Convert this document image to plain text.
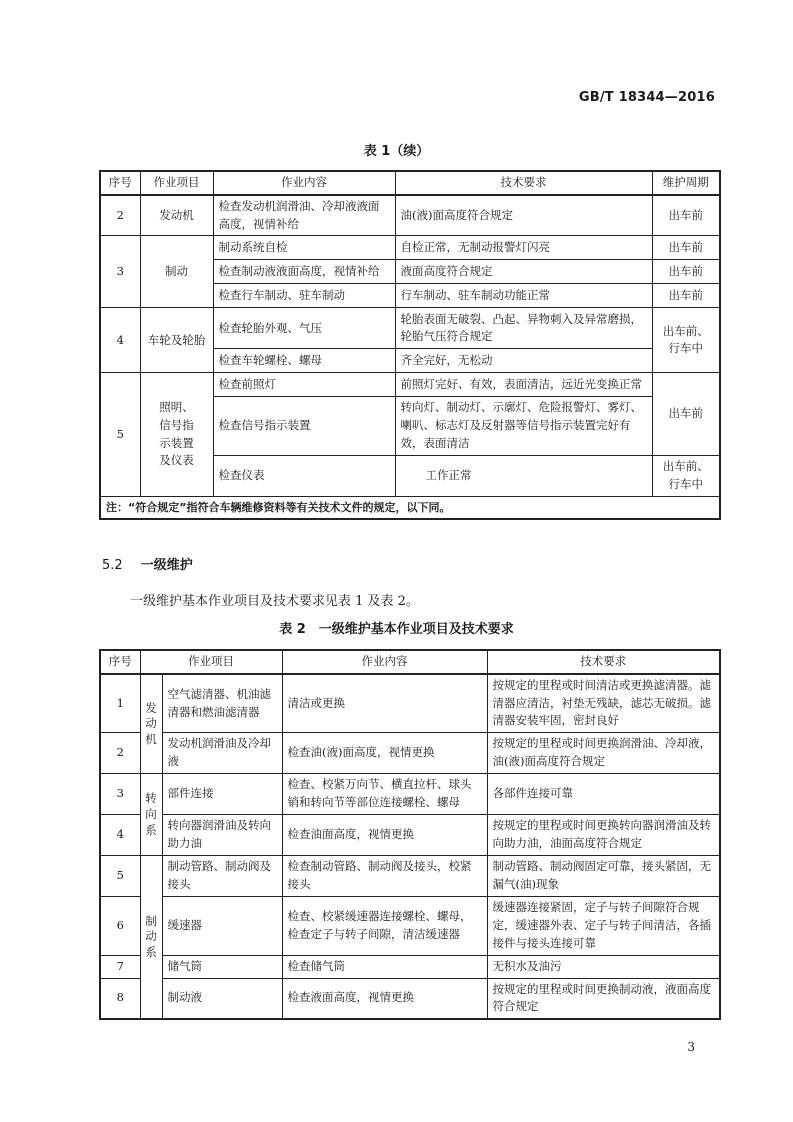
GB/T 18344—2016
表 1（续）
序号	作业项目	作业内容	技术要求	维护周期
2	发动机	检查发动机润滑油、冷却液液面高度，视情补给	油(液)面高度符合规定	出车前
3	制动	制动系统自检	自检正常，无制动报警灯闪亮	出车前
		检查制动液液面高度，视情补给	液面高度符合规定	出车前
		检查行车制动、驻车制动	行车制动、驻车制动功能正常	出车前
4	车轮及轮胎	检查轮胎外观、气压	轮胎表面无破裂、凸起、异物刺入及异常磨损，轮胎气压符合规定	出车前、行车中
		检查车轮螺栓、螺母	齐全完好，无松动	
5	照明、信号指示装置及仪表	检查前照灯	前照灯完好、有效，表面清洁，远近光变换正常	出车前
		检查信号指示装置	转向灯、制动灯、示廓灯、危险报警灯、雾灯、喇叭、标志灯及反射器等信号指示装置完好有效，表面清洁	
		检查仪表	工作正常	出车前、行车中
注：“符合规定”指符合车辆维修资料等有关技术文件的规定，以下同。				
5.2 一级维护
一级维护基本作业项目及技术要求见表 1 及表 2。
表 2　一级维护基本作业项目及技术要求
序号	作业项目		作业内容	技术要求
1	发动机	空气滤清器、机油滤清器和燃油滤清器	清洁或更换	按规定的里程或时间清洁或更换滤清器。滤清器应清洁，衬垫无残缺，滤芯无破损。滤清器安装牢固，密封良好
2		发动机润滑油及冷却液	检查油(液)面高度，视情更换	按规定的里程或时间更换润滑油、冷却液，油(液)面高度符合规定
3	转向系	部件连接	检查、校紧万向节、横直拉杆、球头销和转向节等部位连接螺栓、螺母	各部件连接可靠
4		转向器润滑油及转向助力油	检查油面高度，视情更换	按规定的里程或时间更换转向器润滑油及转向助力油，油面高度符合规定
5	制动系	制动管路、制动阀及接头	检查制动管路、制动阀及接头，校紧接头	制动管路、制动阀固定可靠，接头紧固，无漏气(油)现象
6		缓速器	检查、校紧缓速器连接螺栓、螺母，检查定子与转子间隙，清洁缓速器	缓速器连接紧固，定子与转子间隙符合规定，缓速器外表、定子与转子间清洁，各插接件与接头连接可靠
7		储气筒	检查储气筒	无积水及油污
8		制动液	检查液面高度，视情更换	按规定的里程或时间更换制动液，液面高度符合规定
3
